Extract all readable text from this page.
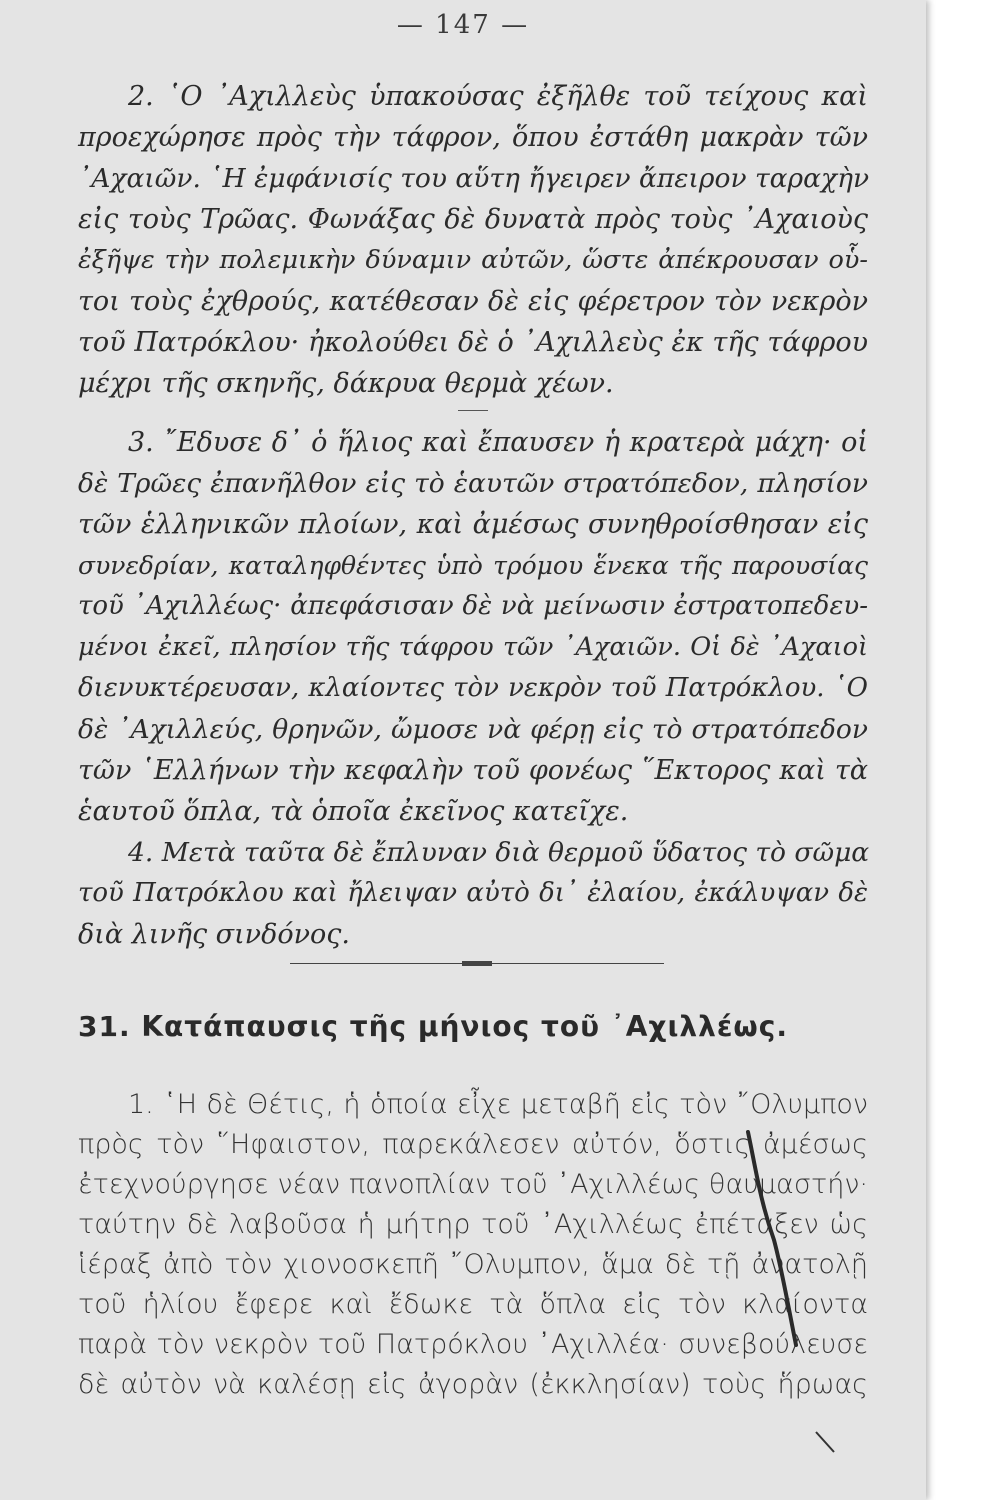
— 147 —
2. ῾Ο ᾿Αχιλλεὺς ὑπακούσας ἐξῆλθε τοῦ τείχους καὶ
προεχώρησε πρὸς τὴν τάφρον, ὅπου ἐστάθη μακρὰν τῶν
᾿Αχαιῶν. ῾Η ἐμφάνισίς του αὕτη ἤγειρεν ἄπειρον ταραχὴν
εἰς τοὺς Τρῶας. Φωνάξας δὲ δυνατὰ πρὸς τοὺς ᾿Αχαιοὺς
ἐξῆψε τὴν πολεμικὴν δύναμιν αὐτῶν, ὥστε ἀπέκρουσαν οὗ-
τοι τοὺς ἐχθρούς, κατέθεσαν δὲ εἰς φέρετρον τὸν νεκρὸν
τοῦ Πατρόκλου· ἠκολούθει δὲ ὁ ᾿Αχιλλεὺς ἐκ τῆς τάφρου
μέχρι τῆς σκηνῆς, δάκρυα θερμὰ χέων.
3. ῎Εδυσε δ᾿ ὁ ἥλιος καὶ ἔπαυσεν ἡ κρατερὰ μάχη· οἱ
δὲ Τρῶες ἐπανῆλθον εἰς τὸ ἑαυτῶν στρατόπεδον, πλησίον
τῶν ἑλληνικῶν πλοίων, καὶ ἀμέσως συνηθροίσθησαν εἰς
συνεδρίαν, καταληφθέντες ὑπὸ τρόμου ἕνεκα τῆς παρουσίας
τοῦ ᾿Αχιλλέως· ἀπεφάσισαν δὲ νὰ μείνωσιν ἐστρατοπεδευ-
μένοι ἐκεῖ, πλησίον τῆς τάφρου τῶν ᾿Αχαιῶν. Οἱ δὲ ᾿Αχαιοὶ
διενυκτέρευσαν, κλαίοντες τὸν νεκρὸν τοῦ Πατρόκλου. ῾Ο
δὲ ᾿Αχιλλεύς, θρηνῶν, ὤμοσε νὰ φέρῃ εἰς τὸ στρατόπεδον
τῶν ῾Ελλήνων τὴν κεφαλὴν τοῦ φονέως ῞Εκτορος καὶ τὰ
ἑαυτοῦ ὅπλα, τὰ ὁποῖα ἐκεῖνος κατεῖχε.
4. Μετὰ ταῦτα δὲ ἔπλυναν διὰ θερμοῦ ὕδατος τὸ σῶμα
τοῦ Πατρόκλου καὶ ἤλειψαν αὐτὸ δι᾿ ἐλαίου, ἐκάλυψαν δὲ
διὰ λινῆς σινδόνος.
31. Κατάπαυσις τῆς μήνιος τοῦ ᾿Αχιλλέως.
1. ῾Η δὲ Θέτις, ἡ ὁποία εἶχε μεταβῆ εἰς τὸν ῎Ολυμπον
πρὸς τὸν ῞Ηφαιστον, παρεκάλεσεν αὐτόν, ὅστις ἀμέσως
ἐτεχνούργησε νέαν πανοπλίαν τοῦ ᾿Αχιλλέως θαυμαστήν·
ταύτην δὲ λαβοῦσα ἡ μήτηρ τοῦ ᾿Αχιλλέως ἐπέταξεν ὡς
ἱέραξ ἀπὸ τὸν χιονοσκεπῆ ῎Ολυμπον, ἅμα δὲ τῇ ἀνατολῇ
τοῦ ἡλίου ἔφερε καὶ ἔδωκε τὰ ὅπλα εἰς τὸν κλαίοντα
παρὰ τὸν νεκρὸν τοῦ Πατρόκλου ᾿Αχιλλέα· συνεβούλευσε
δὲ αὐτὸν νὰ καλέσῃ εἰς ἀγορὰν (ἐκκλησίαν) τοὺς ἥρωας
